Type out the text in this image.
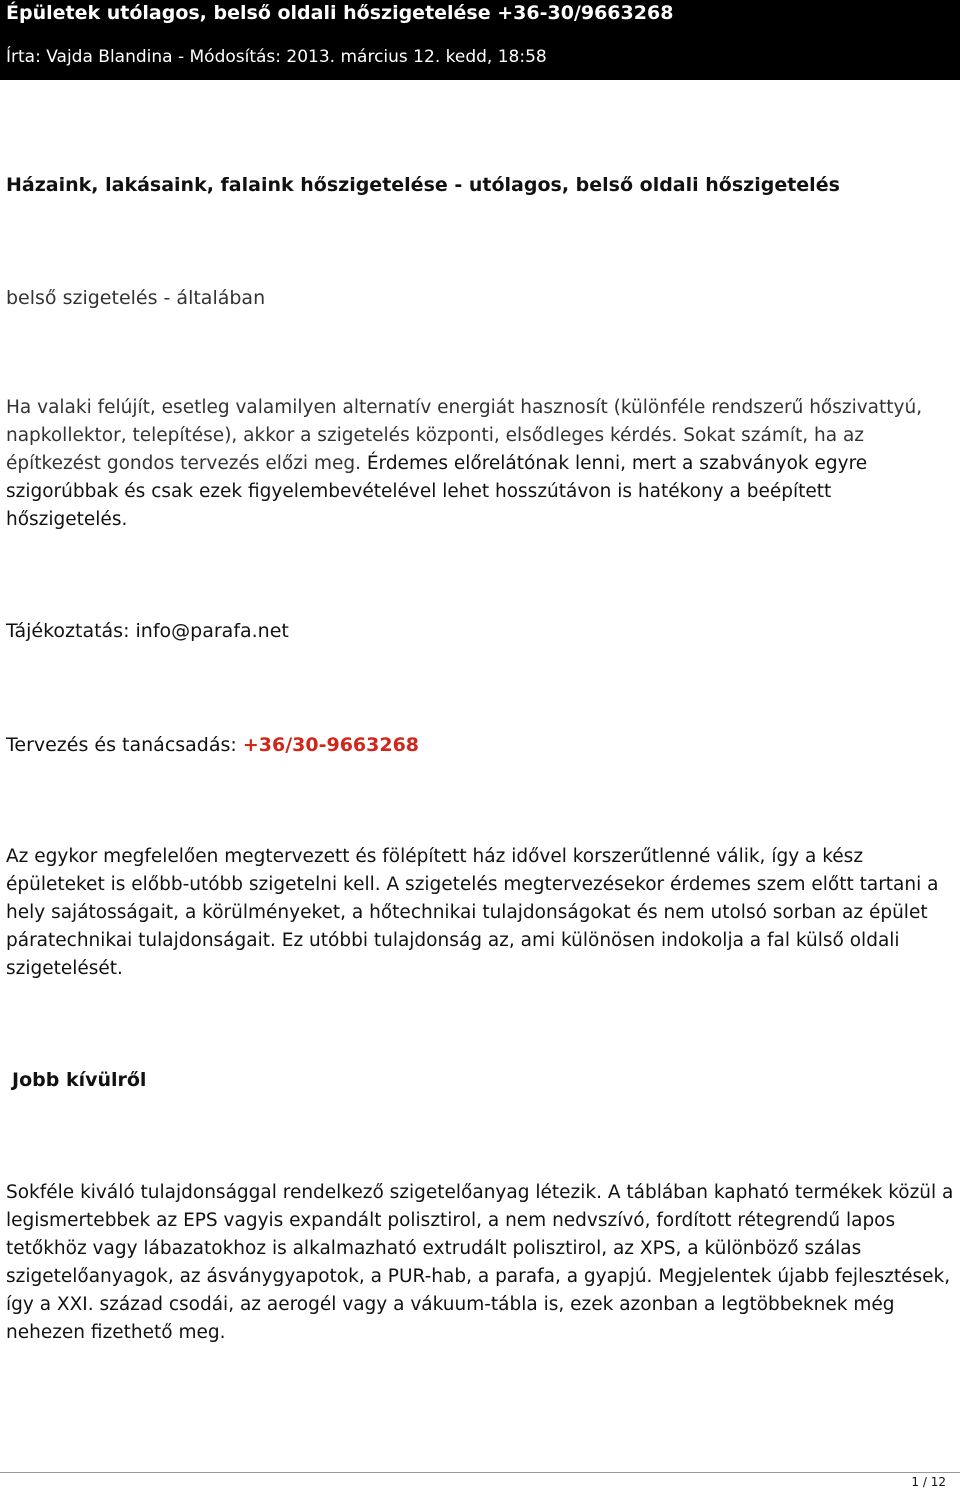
Épületek utólagos, belső oldali hőszigetelése +36-30/9663268
Írta: Vajda Blandina - Módosítás: 2013. március 12. kedd, 18:58
Házaink, lakásaink, falaink hőszigetelése - utólagos, belső oldali hőszigetelés
belső szigetelés - általában

Ha valaki felújít, esetleg valamilyen alternatív energiát hasznosít (különféle rendszerű hőszivattyú, napkollektor, telepítése), akkor a szigetelés központi, elsődleges kérdés. Sokat számít, ha az építkezést gondos tervezés előzi meg. Érdemes előrelátónak lenni, mert a szabványok egyre szigorúbbak és csak ezek figyelembevételével lehet hosszútávon is hatékony a beépített hőszigetelés.

Tájékoztatás: info@parafa.net
Tervezés és tanácsadás: +36/30-9663268

Az egykor megfelelően megtervezett és fölépített ház idővel korszerűtlenné válik, így a kész épületeket is előbb-utóbb szigetelni kell. A szigetelés megtervezésekor érdemes szem előtt tartani a hely sajátosságait, a körülményeket, a hőtechnikai tulajdonságokat és nem utolsó sorban az épület páratechnikai tulajdonságait. Ez utóbbi tulajdonság az, ami különösen indokolja a fal külső oldali szigetelését.

Jobb kívülről

Sokféle kiváló tulajdonsággal rendelkező szigetelőanyag létezik. A táblában kapható termékek közül a legismertebbek az EPS vagyis expandált polisztirol, a nem nedvszívó, fordított rétegrendű lapos tetőkhöz vagy lábazatokhoz is alkalmazható extrudált polisztirol, az XPS, a különböző szálas szigetelőanyagok, az ásványgyapotok, a PUR-hab, a parafa, a gyapjú. Megjelentek újabb fejlesztések, így a XXI. század csodái, az aerogél vagy a vákuum-tábla is, ezek azonban a legtöbbeknek még nehezen fizethető meg.

1 / 12
